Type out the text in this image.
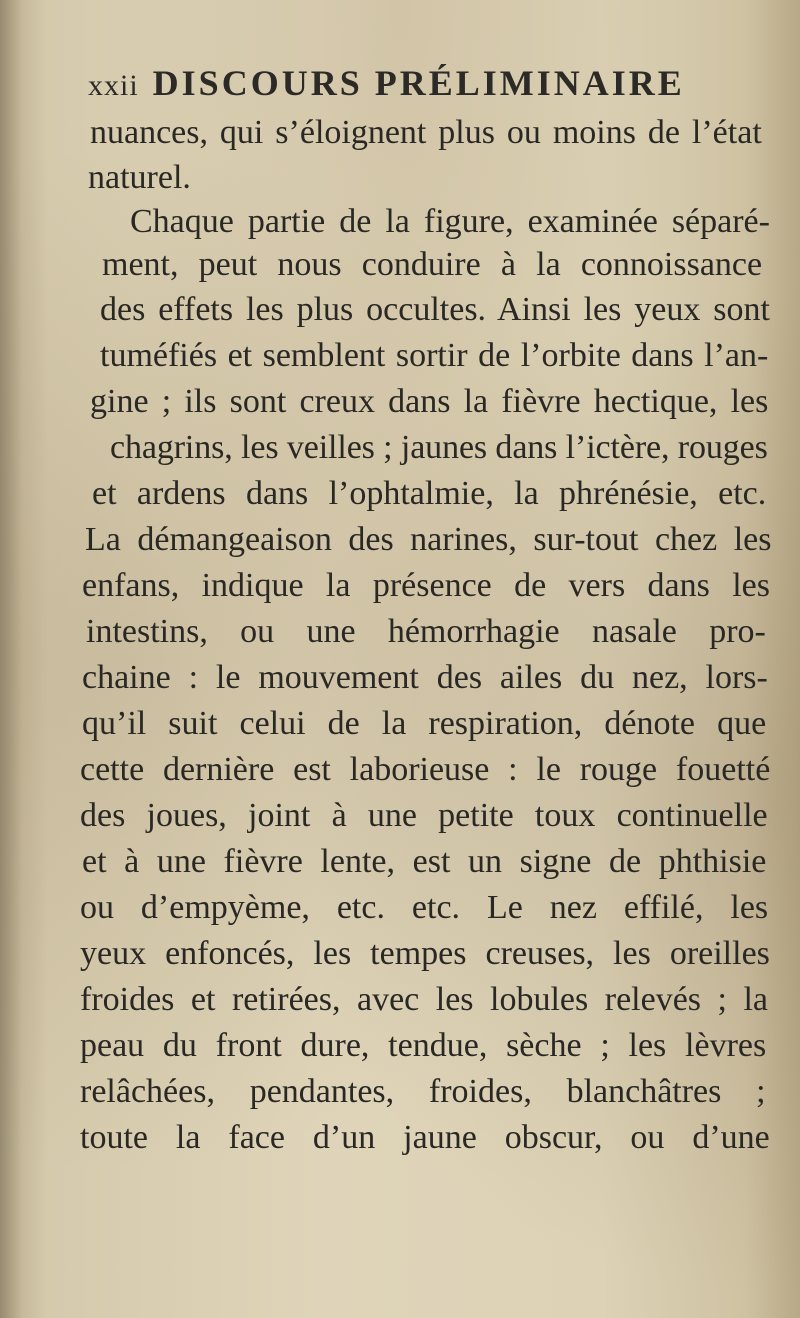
xxii DISCOURS PRÉLIMINAIRE
nuances, qui s’éloignent plus ou moins de l’état
naturel.
Chaque partie de la figure, examinée séparé-
ment, peut nous conduire à la connoissance
des effets les plus occultes. Ainsi les yeux sont
tuméfiés et semblent sortir de l’orbite dans l’an-
gine ; ils sont creux dans la fièvre hectique, les
chagrins, les veilles ; jaunes dans l’ictère, rouges
et ardens dans l’ophtalmie, la phrénésie, etc.
La démangeaison des narines, sur-tout chez les
enfans, indique la présence de vers dans les
intestins, ou une hémorrhagie nasale pro-
chaine : le mouvement des ailes du nez, lors-
qu’il suit celui de la respiration, dénote que
cette dernière est laborieuse : le rouge fouetté
des joues, joint à une petite toux continuelle
et à une fièvre lente, est un signe de phthisie
ou d’empyème, etc. etc. Le nez effilé, les
yeux enfoncés, les tempes creuses, les oreilles
froides et retirées, avec les lobules relevés ; la
peau du front dure, tendue, sèche ; les lèvres
relâchées, pendantes, froides, blanchâtres ;
toute la face d’un jaune obscur, ou d’une
